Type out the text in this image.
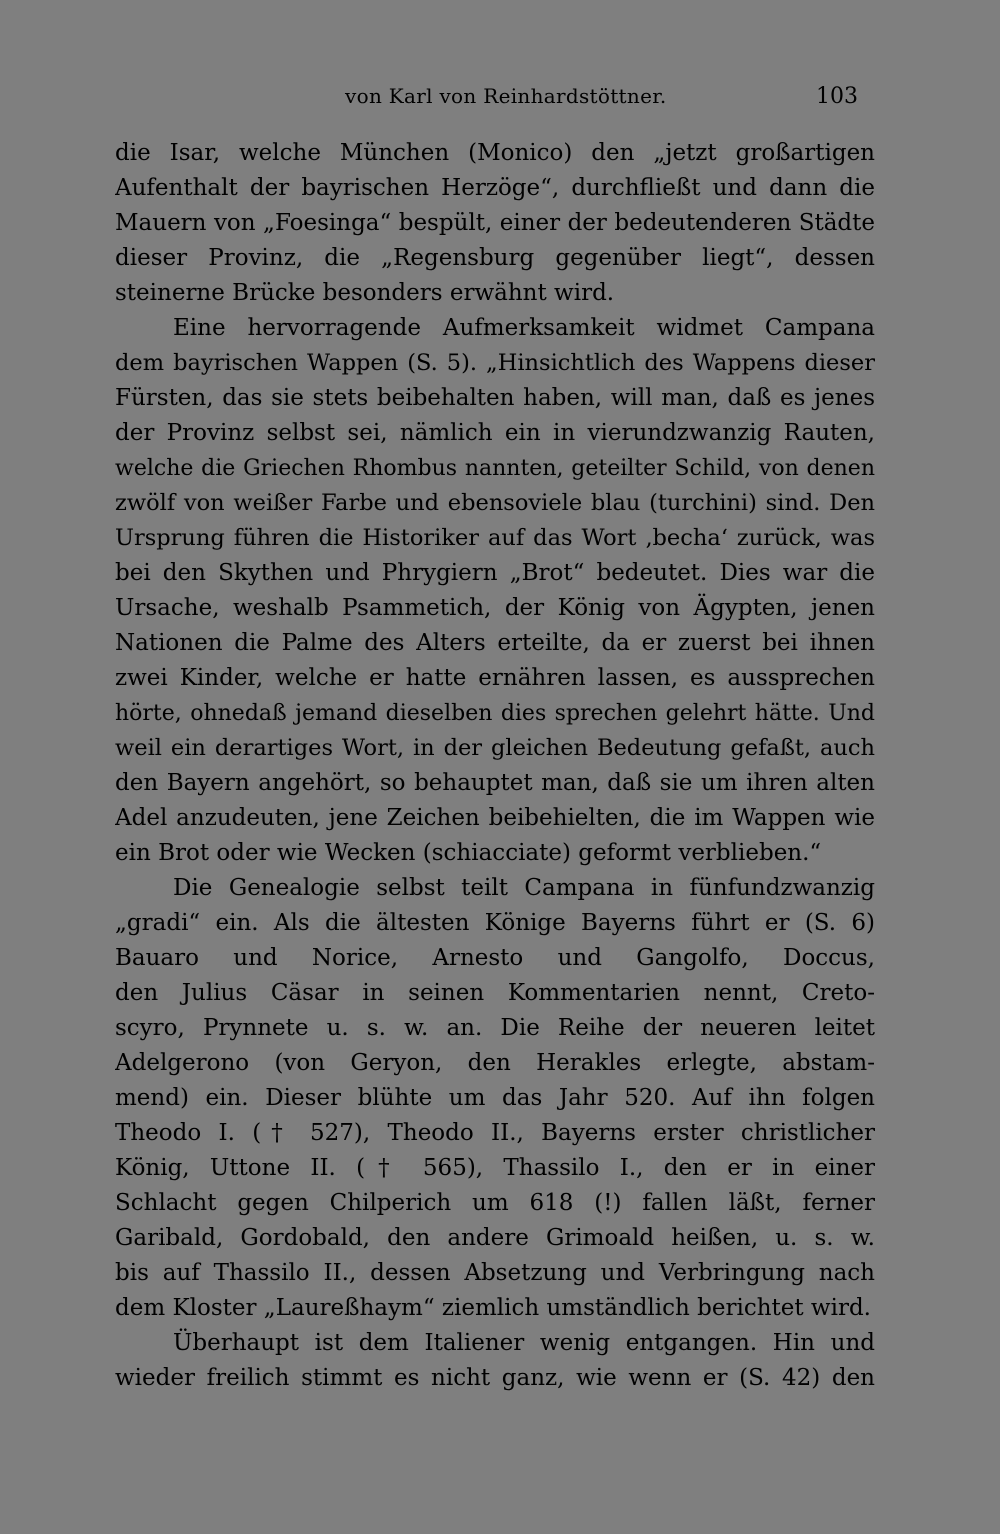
von Karl von Reinhardstöttner.	103
die Isar, welche München (Monico) den „jetzt großartigen
Aufenthalt der bayrischen Herzöge“, durchfließt und dann die
Mauern von „Foesinga“ bespült, einer der bedeutenderen Städte
dieser Provinz, die „Regensburg gegenüber liegt“, dessen
steinerne Brücke besonders erwähnt wird.
Eine hervorragende Aufmerksamkeit widmet Campana
dem bayrischen Wappen (S. 5). „Hinsichtlich des Wappens dieser
Fürsten, das sie stets beibehalten haben, will man, daß es jenes
der Provinz selbst sei, nämlich ein in vierundzwanzig Rauten,
welche die Griechen Rhombus nannten, geteilter Schild, von denen
zwölf von weißer Farbe und ebensoviele blau (turchini) sind. Den
Ursprung führen die Historiker auf das Wort ‚becha‘ zurück, was
bei den Skythen und Phrygiern „Brot“ bedeutet. Dies war die
Ursache, weshalb Psammetich, der König von Ägypten, jenen
Nationen die Palme des Alters erteilte, da er zuerst bei ihnen
zwei Kinder, welche er hatte ernähren lassen, es aussprechen
hörte, ohnedaß jemand dieselben dies sprechen gelehrt hätte. Und
weil ein derartiges Wort, in der gleichen Bedeutung gefaßt, auch
den Bayern angehört, so behauptet man, daß sie um ihren alten
Adel anzudeuten, jene Zeichen beibehielten, die im Wappen wie
ein Brot oder wie Wecken (schiacciate) geformt verblieben.“
Die Genealogie selbst teilt Campana in fünfundzwanzig
„gradi“ ein. Als die ältesten Könige Bayerns führt er (S. 6)
Bauaro und Norice, Arnesto und Gangolfo, Doccus,
den Julius Cäsar in seinen Kommentarien nennt, Creto-
scyro, Prynnete u. s. w. an. Die Reihe der neueren leitet
Adelgerono (von Geryon, den Herakles erlegte, abstam-
mend) ein. Dieser blühte um das Jahr 520. Auf ihn folgen
Theodo I. († 527), Theodo II., Bayerns erster christlicher
König, Uttone II. († 565), Thassilo I., den er in einer
Schlacht gegen Chilperich um 618 (!) fallen läßt, ferner
Garibald, Gordobald, den andere Grimoald heißen, u. s. w.
bis auf Thassilo II., dessen Absetzung und Verbringung nach
dem Kloster „Laureßhaym“ ziemlich umständlich berichtet wird.
Überhaupt ist dem Italiener wenig entgangen. Hin und
wieder freilich stimmt es nicht ganz, wie wenn er (S. 42) den
